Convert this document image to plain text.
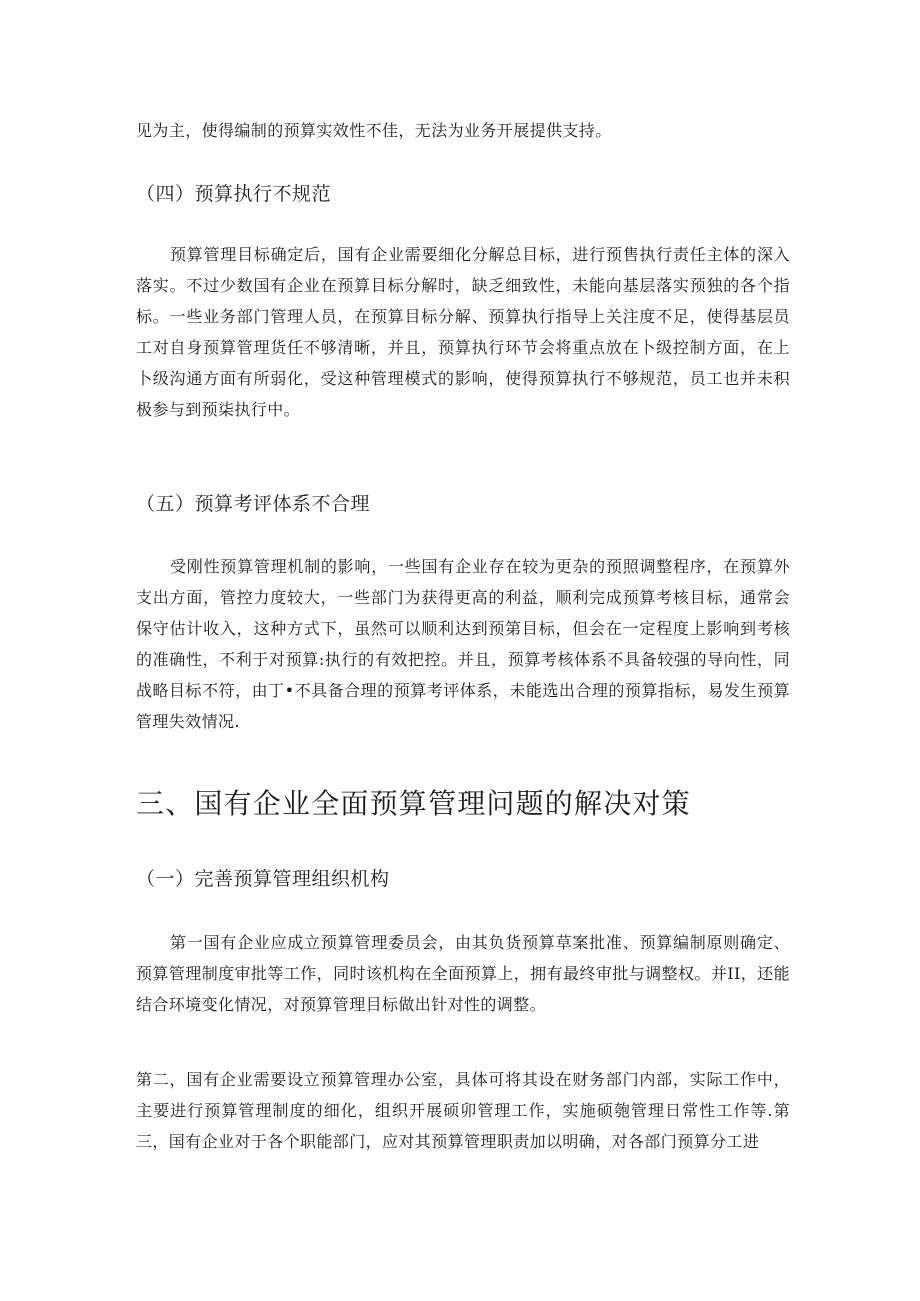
见为主，使得编制的预算实效性不佳，无法为业务开展提供支持。

（四）预算执行不规范

预算管理目标确定后，国有企业需要细化分解总目标，进行预售执行责任主体的深入落实。不过少数国有企业在预算目标分解时，缺乏细致性，未能向基层落实预独的各个指标。一些业务部门管理人员，在预算目标分解、预算执行指导上关注度不足，使得基层员工对自身预算管理货任不够清晰，并且，预算执行环节会将重点放在卜级控制方面，在上卜级沟通方面有所弱化，受这种管理模式的影响，使得预算执行不够规范，员工也并未积极参与到预柒执行中。

（五）预算考评体系不合理

受刚性预算管理机制的影响，一些国有企业存在较为更杂的预照调整程序，在预算外支出方面，管控力度较大，一些部门为获得更高的利益，顺利完成预算考核目标，通常会保守估计收入，这种方式下，虽然可以顺利达到预第目标，但会在一定程度上影响到考核的准确性，不利于对预算:执行的有效把控。并且，预算考核体系不具备较强的导向性，同战略目标不符，由丁•不具备合理的预算考评体系，未能选出合理的预算指标，易发生预算管理失效情况.

三、国有企业全面预算管理问题的解决对策

（一）完善预算管理组织机构

第一国有企业应成立预算管理委员会，由其负货预算草案批准、预算编制原则确定、预算管理制度审批等工作，同时该机构在全面预算上，拥有最终审批与调整权。并II，还能结合环境变化情况，对预算管理目标做出针对性的调整。

第二，国有企业需要设立预算管理办公室，具体可将其设在财务部门内部，实际工作中，主要进行预算管理制度的细化，组织开展硕卯管理工作，实施硕匏管理日常性工作等.第三，国有企业对于各个职能部门，应对其预算管理职责加以明确，对各部门预算分工进
